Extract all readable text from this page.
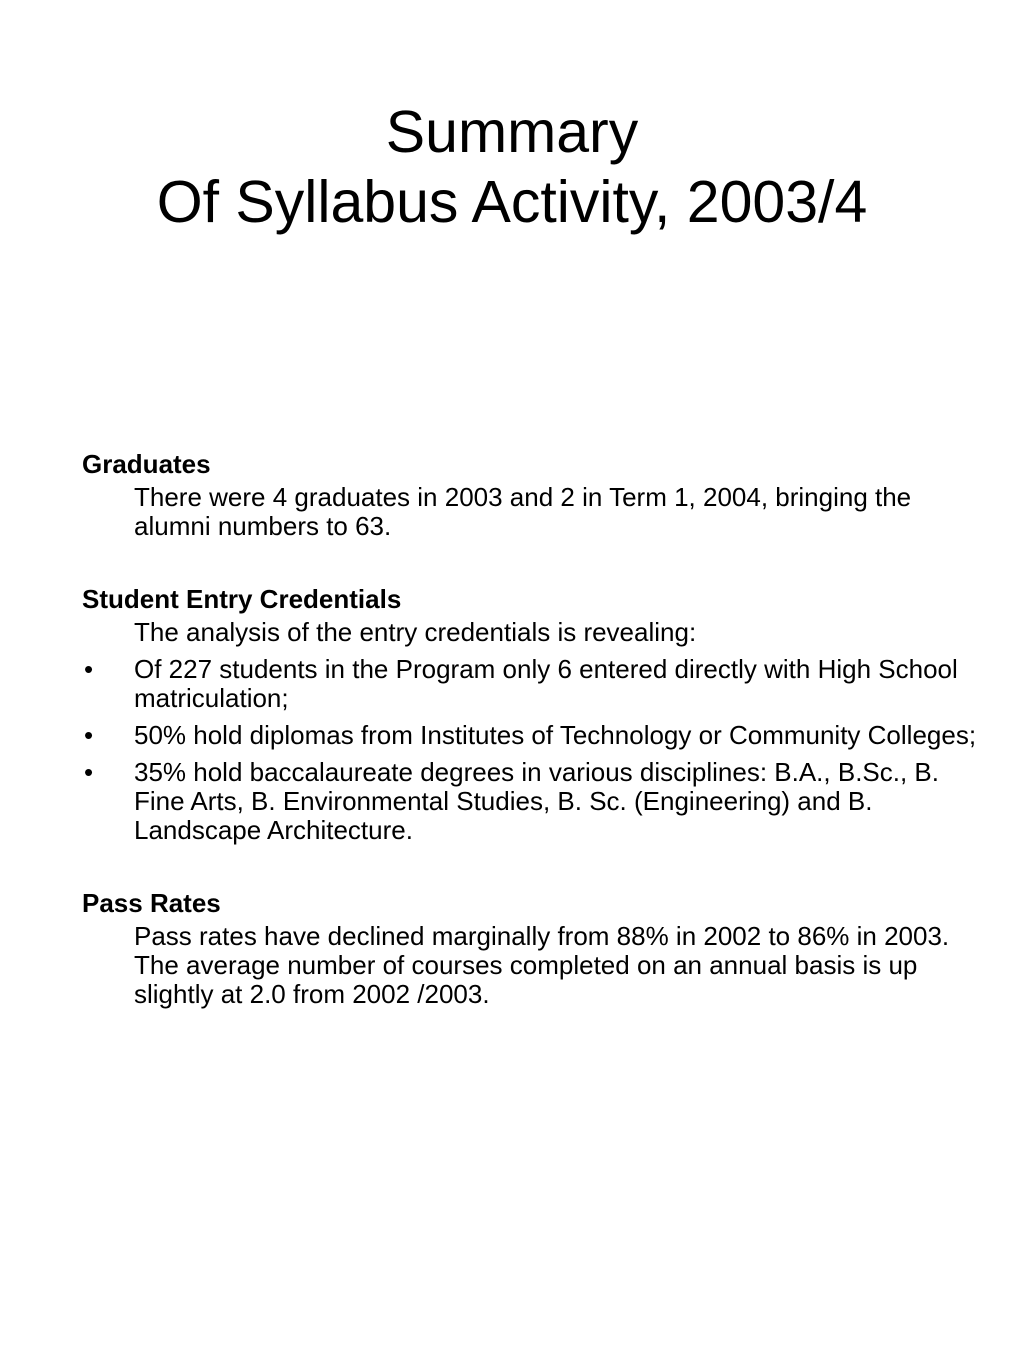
Summary
Of Syllabus Activity, 2003/4
Graduates
There were 4 graduates in 2003 and 2 in Term 1, 2004, bringing the alumni numbers to 63.
Student Entry Credentials
The analysis of the entry credentials is revealing:
• Of 227 students in the Program only 6 entered directly with High School matriculation;
• 50% hold diplomas from Institutes of Technology or Community Colleges;
• 35% hold baccalaureate degrees in various disciplines: B.A., B.Sc., B. Fine Arts, B. Environmental Studies, B. Sc. (Engineering) and B. Landscape Architecture.
Pass Rates
Pass rates have declined marginally from 88% in 2002 to 86% in 2003. The average number of courses completed on an annual basis is up slightly at 2.0 from 2002 /2003.
